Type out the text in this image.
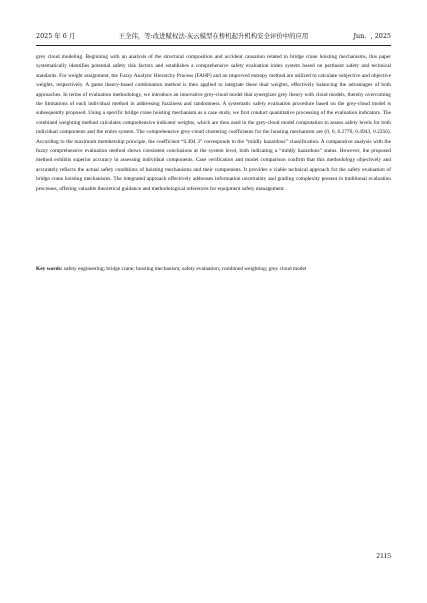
2025 年 6 月	王全伟，等:改进赋权法-灰云模型在桥机起升机构安全评价中的应用	Jun．, 2025

grey cloud modeling. Beginning with an analysis of the structural composition and accident causation related to bridge crane hoisting mechanisms, this paper systematically identifies potential safety risk factors and establishes a comprehensive safety evaluation index system based on pertinent safety and technical standards. For weight assignment, the Fuzzy Analytic Hierarchy Process (FAHP) and an improved entropy method are utilized to calculate subjective and objective weights, respectively. A game theory-based combination method is then applied to integrate these dual weights, effectively balancing the advantages of both approaches. In terms of evaluation methodology, we introduce an innovative grey-cloud model that synergizes grey theory with cloud models, thereby overcoming the limitations of each individual method in addressing fuzziness and randomness. A systematic safety evaluation procedure based on the grey-cloud model is subsequently proposed. Using a specific bridge crane hoisting mechanism as a case study, we first conduct quantitative processing of the evaluation indicators. The combined weighting method calculates comprehensive indicator weights, which are then used in the grey-cloud model computation to assess safety levels for both individual components and the entire system. The comprehensive grey-cloud clustering coefficients for the hoisting mechanism are (0, 0, 0.2770, 0.4943, 0.2356). According to the maximum membership principle, the coefficient “0.494 3” corresponds to the “mildly hazardous” classification. A comparative analysis with the fuzzy comprehensive evaluation method shows consistent conclusions at the system level, both indicating a “mildly hazardous” status. However, the proposed method exhibits superior accuracy in assessing individual components. Case verification and model comparison confirm that this methodology objectively and accurately reflects the actual safety conditions of hoisting mechanisms and their components. It provides a viable technical approach for the safety evaluation of bridge crane hoisting mechanisms. The integrated approach effectively addresses information uncertainty and grading complexity present in traditional evaluation processes, offering valuable theoretical guidance and methodological references for equipment safety management.

Key words: safety engineering; bridge crane; hoisting mechanism; safety evaluation; combined weighting; grey cloud model

2115
